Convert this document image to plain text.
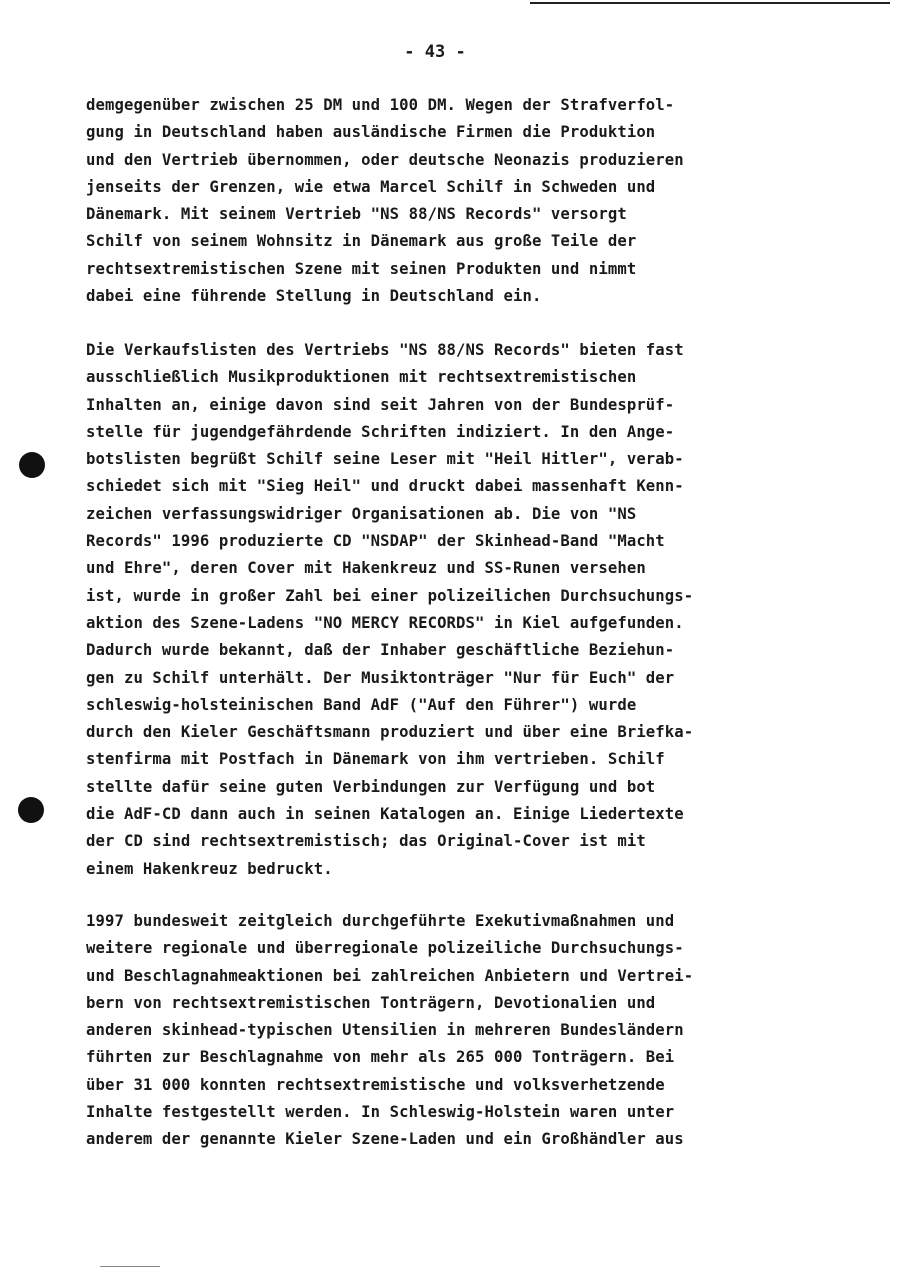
- 43 -
demgegenüber zwischen 25 DM und 100 DM. Wegen der Strafverfol-
gung in Deutschland haben ausländische Firmen die Produktion
und den Vertrieb übernommen, oder deutsche Neonazis produzieren
jenseits der Grenzen, wie etwa Marcel Schilf in Schweden und
Dänemark. Mit seinem Vertrieb "NS 88/NS Records" versorgt
Schilf von seinem Wohnsitz in Dänemark aus große Teile der
rechtsextremistischen Szene mit seinen Produkten und nimmt
dabei eine führende Stellung in Deutschland ein.
Die Verkaufslisten des Vertriebs "NS 88/NS Records" bieten fast
ausschließlich Musikproduktionen mit rechtsextremistischen
Inhalten an, einige davon sind seit Jahren von der Bundesprüf-
stelle für jugendgefährdende Schriften indiziert. In den Ange-
botslisten begrüßt Schilf seine Leser mit "Heil Hitler", verab-
schiedet sich mit "Sieg Heil" und druckt dabei massenhaft Kenn-
zeichen verfassungswidriger Organisationen ab. Die von "NS
Records" 1996 produzierte CD "NSDAP" der Skinhead-Band "Macht
und Ehre", deren Cover mit Hakenkreuz und SS-Runen versehen
ist, wurde in großer Zahl bei einer polizeilichen Durchsuchungs-
aktion des Szene-Ladens "NO MERCY RECORDS" in Kiel aufgefunden.
Dadurch wurde bekannt, daß der Inhaber geschäftliche Beziehun-
gen zu Schilf unterhält. Der Musiktonträger "Nur für Euch" der
schleswig-holsteinischen Band AdF ("Auf den Führer") wurde
durch den Kieler Geschäftsmann produziert und über eine Briefka-
stenfirma mit Postfach in Dänemark von ihm vertrieben. Schilf
stellte dafür seine guten Verbindungen zur Verfügung und bot
die AdF-CD dann auch in seinen Katalogen an. Einige Liedertexte
der CD sind rechtsextremistisch; das Original-Cover ist mit
einem Hakenkreuz bedruckt.
1997 bundesweit zeitgleich durchgeführte Exekutivmaßnahmen und
weitere regionale und überregionale polizeiliche Durchsuchungs-
und Beschlagnahmeaktionen bei zahlreichen Anbietern und Vertrei-
bern von rechtsextremistischen Tonträgern, Devotionalien und
anderen skinhead-typischen Utensilien in mehreren Bundesländern
führten zur Beschlagnahme von mehr als 265 000 Tonträgern. Bei
über 31 000 konnten rechtsextremistische und volksverhetzende
Inhalte festgestellt werden. In Schleswig-Holstein waren unter
anderem der genannte Kieler Szene-Laden und ein Großhändler aus
